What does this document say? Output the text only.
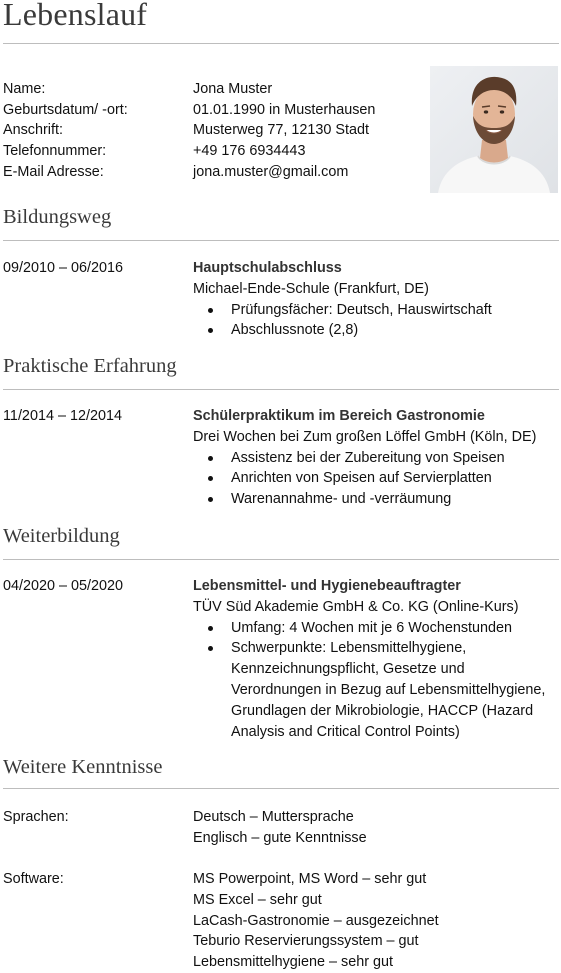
Lebenslauf
Name:	Jona Muster
Geburtsdatum/ -ort:	01.01.1990 in Musterhausen
Anschrift:	Musterweg 77, 12130 Stadt
Telefonnummer:	+49 176 6934443
E-Mail Adresse:	jona.muster@gmail.com
Bildungsweg
09/2010 – 06/2016	Hauptschulabschluss
Michael-Ende-Schule (Frankfurt, DE)
Prüfungsfächer: Deutsch, Hauswirtschaft
Abschlussnote (2,8)
Praktische Erfahrung
11/2014 – 12/2014	Schülerpraktikum im Bereich Gastronomie
Drei Wochen bei Zum großen Löffel GmbH (Köln, DE)
Assistenz bei der Zubereitung von Speisen
Anrichten von Speisen auf Servierplatten
Warenannahme- und -verräumung
Weiterbildung
04/2020 – 05/2020	Lebensmittel- und Hygienebeauftragter
TÜV Süd Akademie GmbH & Co. KG (Online-Kurs)
Umfang: 4 Wochen mit je 6 Wochenstunden
Schwerpunkte: Lebensmittelhygiene,
Kennzeichnungspflicht, Gesetze und
Verordnungen in Bezug auf Lebensmittelhygiene,
Grundlagen der Mikrobiologie, HACCP (Hazard
Analysis and Critical Control Points)
Weitere Kenntnisse
Sprachen:	Deutsch – Muttersprache
Englisch – gute Kenntnisse
Software:	MS Powerpoint, MS Word – sehr gut
MS Excel – sehr gut
LaCash-Gastronomie – ausgezeichnet
Teburio Reservierungssystem – gut
Lebensmittelhygiene – sehr gut
